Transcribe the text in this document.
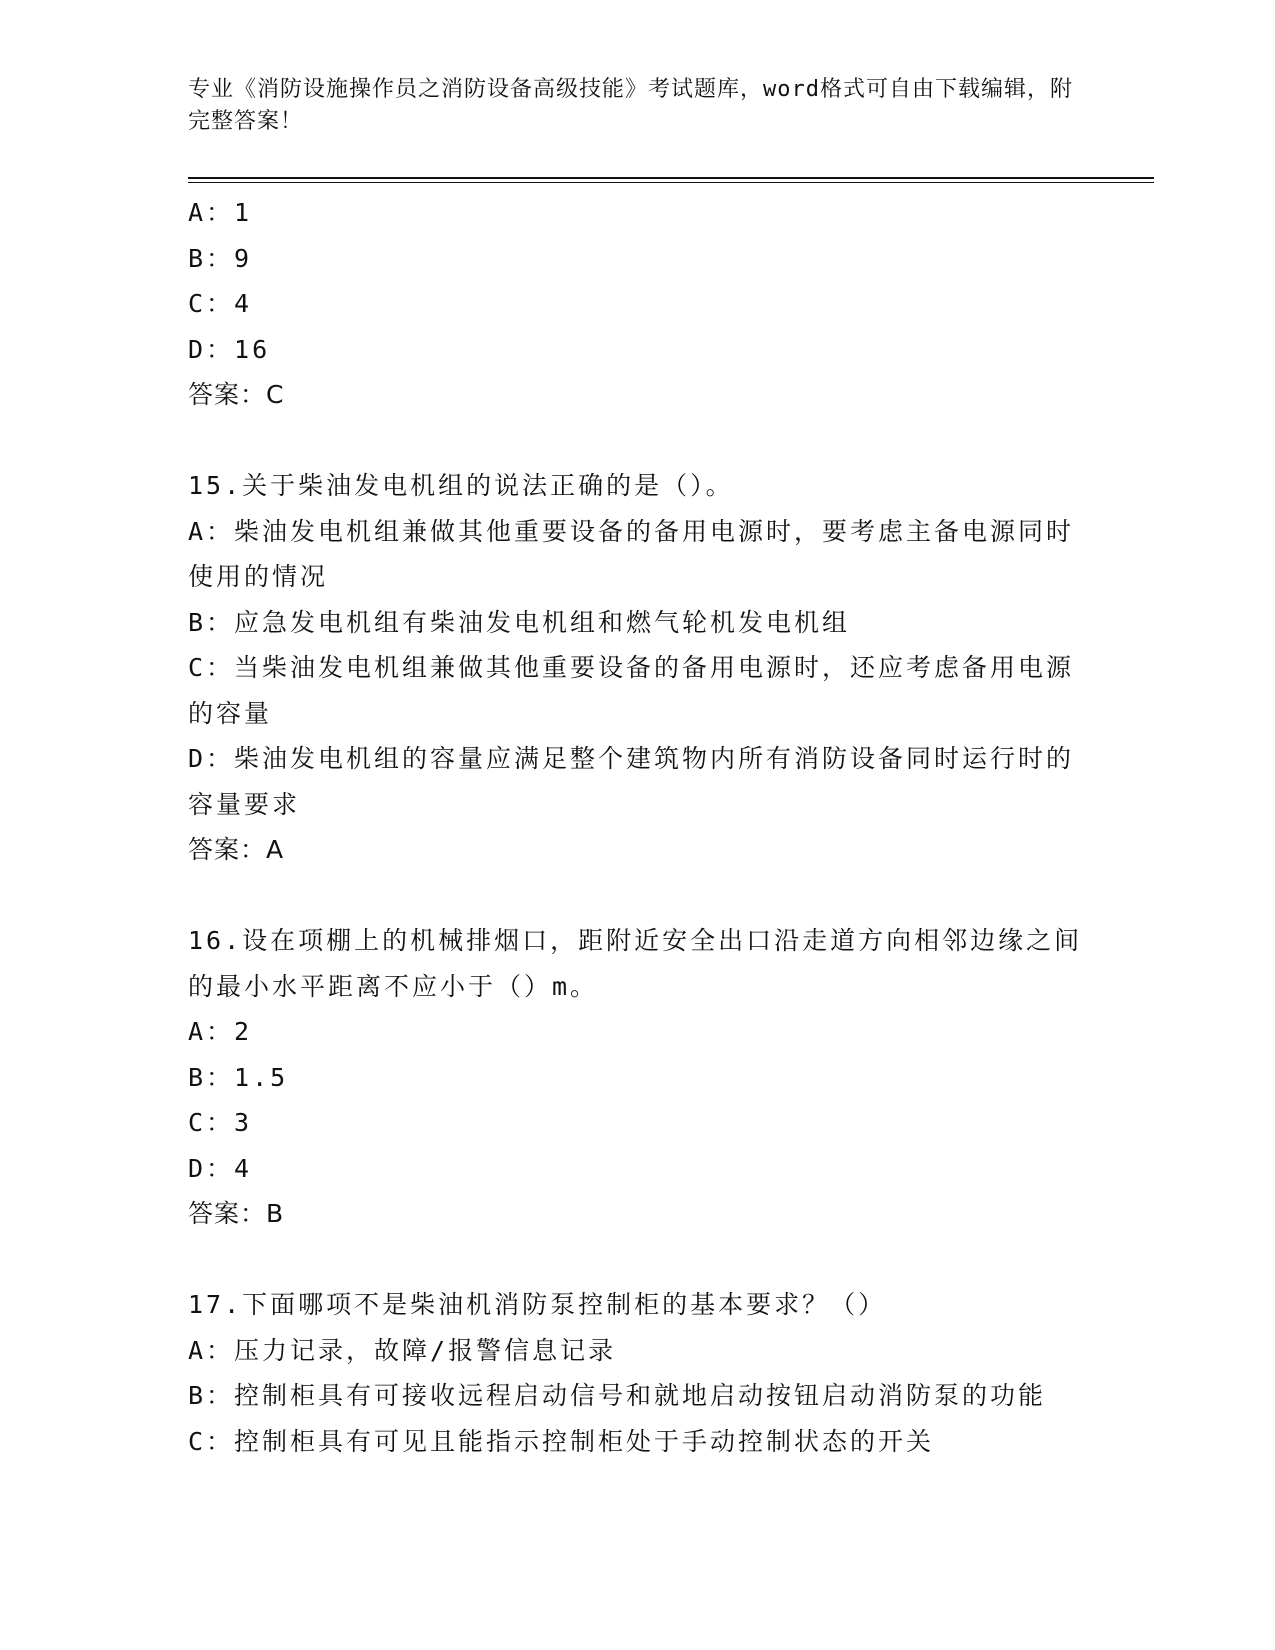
专业《消防设施操作员之消防设备高级技能》考试题库，word格式可自由下载编辑，附完整答案！
A：1
B：9
C：4
D：16
答案：C
15.关于柴油发电机组的说法正确的是（）。
A：柴油发电机组兼做其他重要设备的备用电源时，要考虑主备电源同时使用的情况
B：应急发电机组有柴油发电机组和燃气轮机发电机组
C：当柴油发电机组兼做其他重要设备的备用电源时，还应考虑备用电源的容量
D：柴油发电机组的容量应满足整个建筑物内所有消防设备同时运行时的容量要求
答案：A
16.设在项棚上的机械排烟口，距附近安全出口沿走道方向相邻边缘之间的最小水平距离不应小于（）m。
A：2
B：1.5
C：3
D：4
答案：B
17.下面哪项不是柴油机消防泵控制柜的基本要求？（）
A：压力记录，故障/报警信息记录
B：控制柜具有可接收远程启动信号和就地启动按钮启动消防泵的功能
C：控制柜具有可见且能指示控制柜处于手动控制状态的开关
